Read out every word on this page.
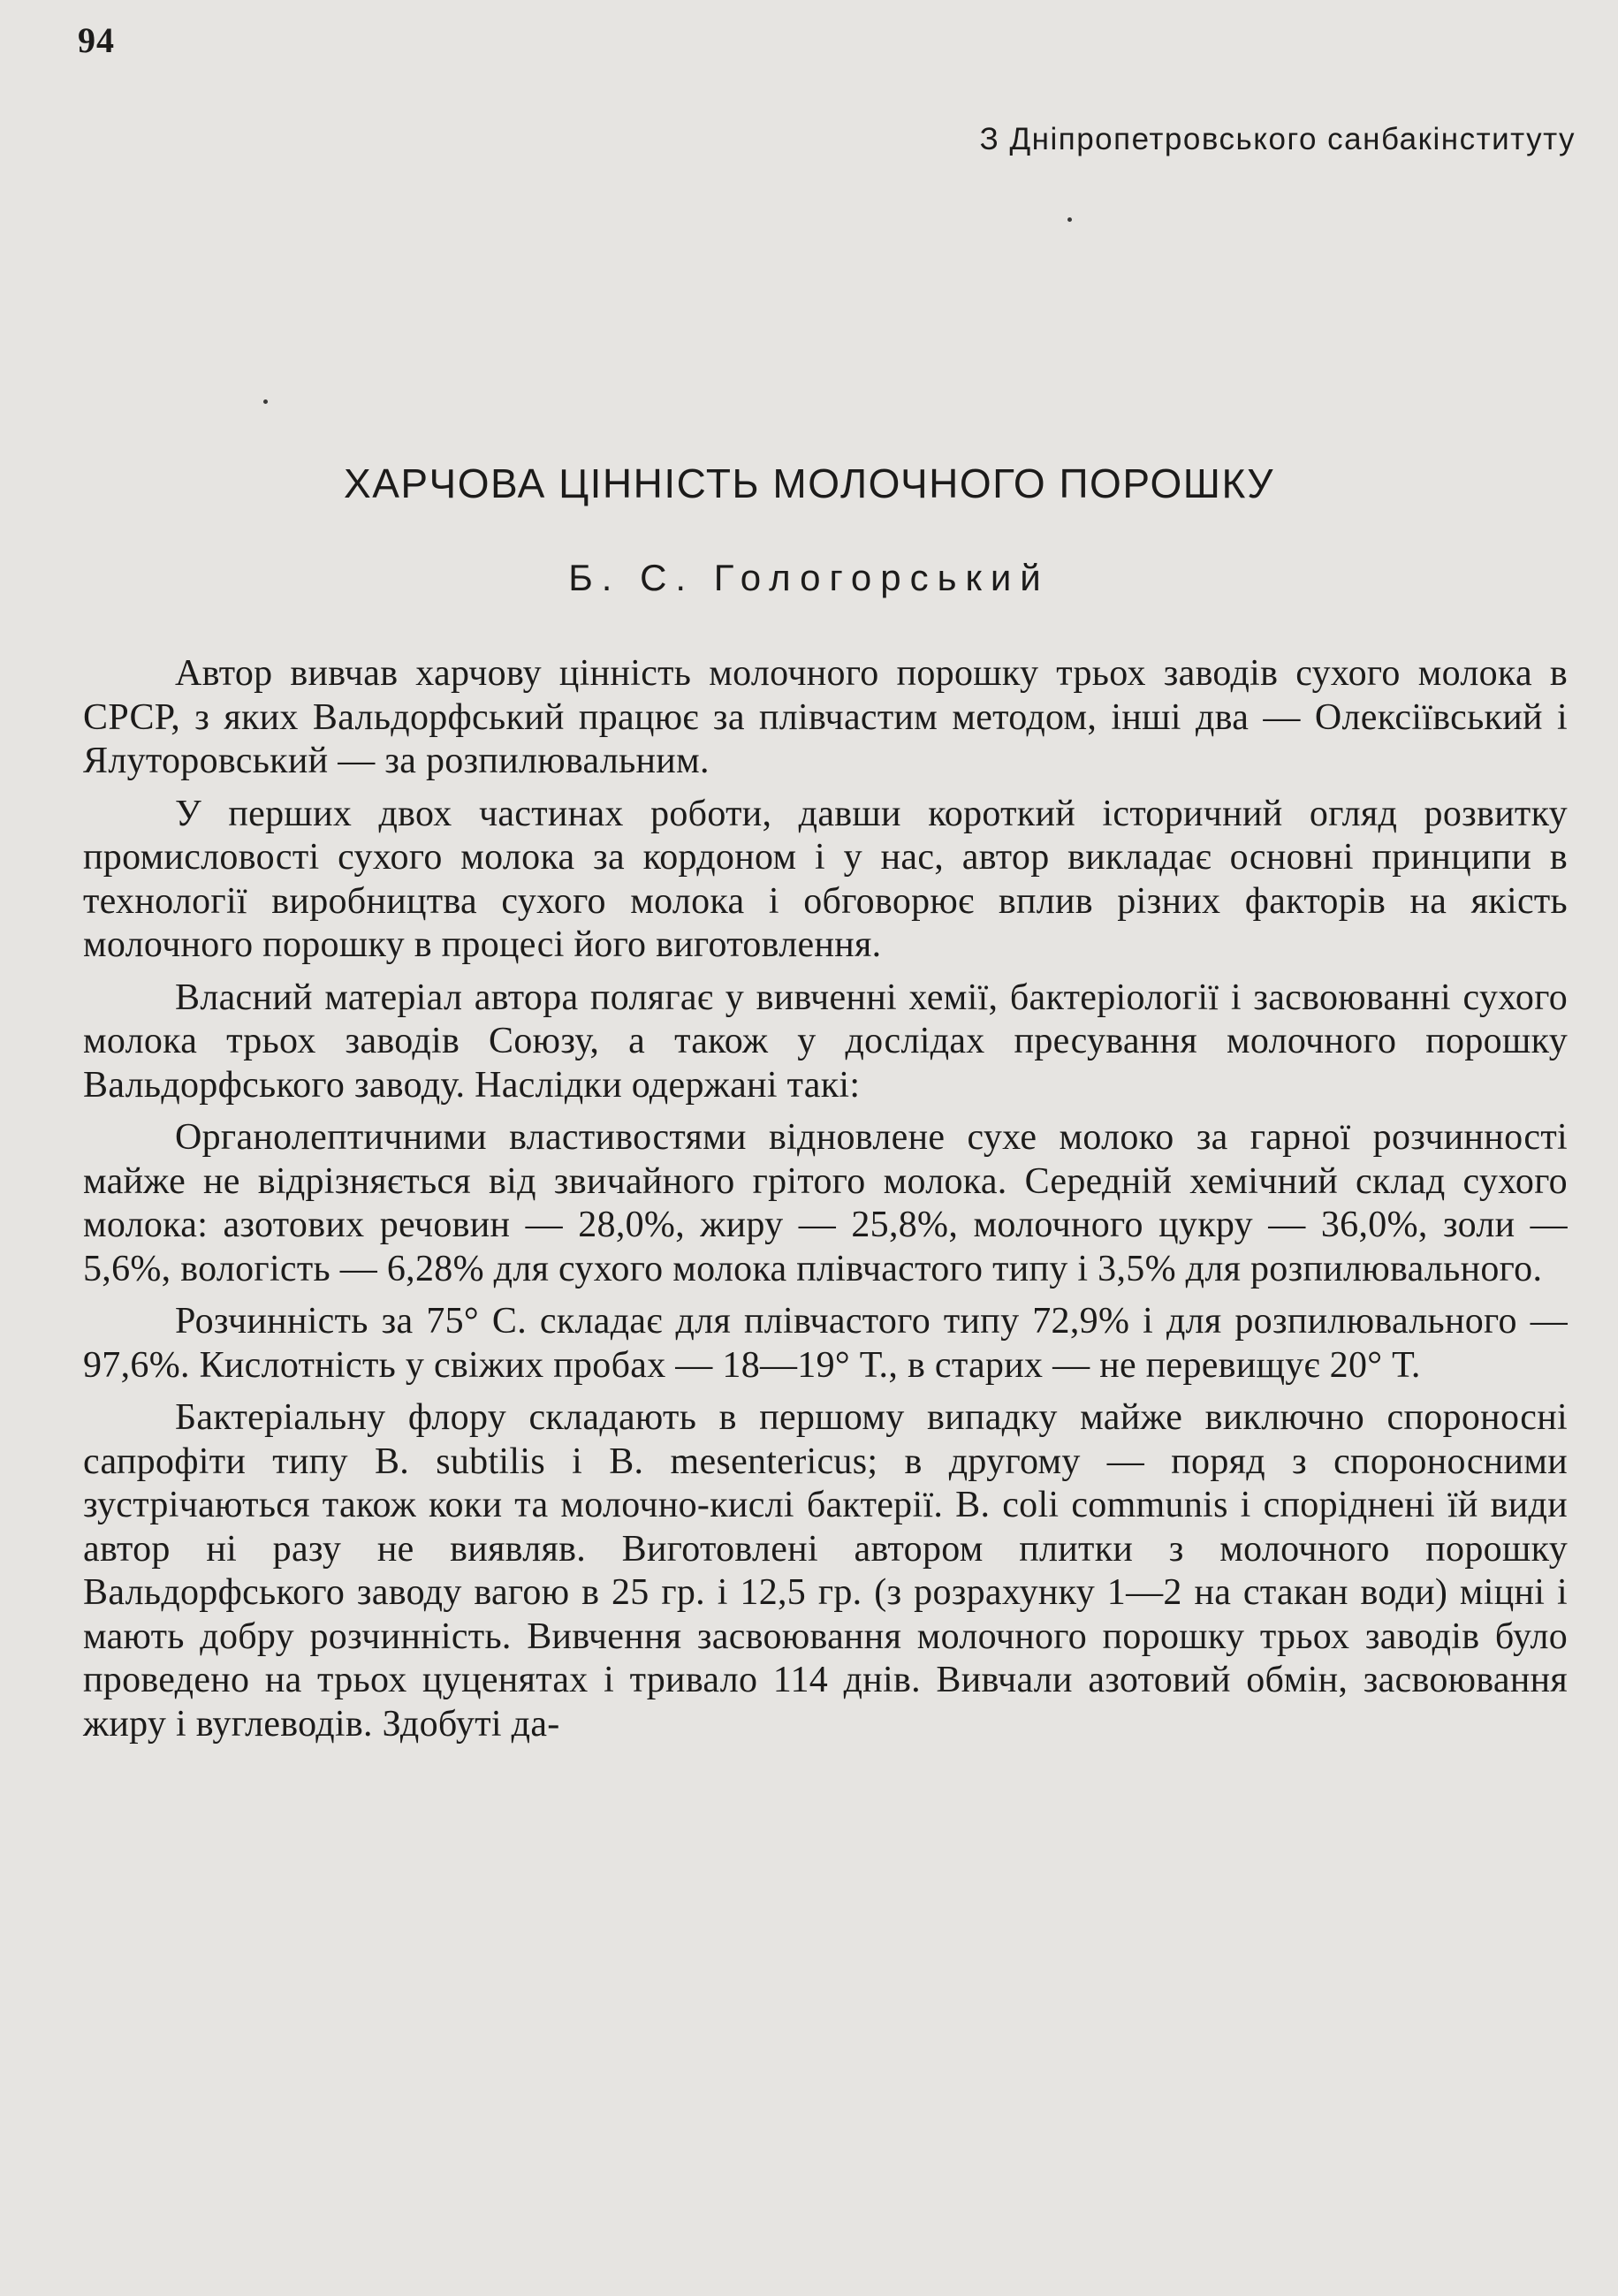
94
З Дніпропетровського санбакінституту
ХАРЧОВА ЦІННІСТЬ МОЛОЧНОГО ПОРОШКУ
Б. С. Гологорський

Автор вивчав харчову цінність молочного порошку трьох заводів сухого молока в СРСР, з яких Вальдорфський працює за плівчастим методом, інші два — Олексіївський і Ялуторовський — за розпилювальним.

У перших двох частинах роботи, давши короткий історичний огляд розвитку промисловості сухого молока за кордоном і у нас, автор викладає основні принципи в технології виробництва сухого молока і обговорює вплив різних факторів на якість молочного порошку в процесі його виготовлення.

Власний матеріал автора полягає у вивченні хемії, бактеріології і засвоюванні сухого молока трьох заводів Союзу, а також у дослідах пресування молочного порошку Вальдорфського заводу. Наслідки одержані такі:

Органолептичними властивостями відновлене сухе молоко за гарної розчинності майже не відрізняється від звичайного грітого молока. Середній хемічний склад сухого молока: азотових речовин — 28,0%, жиру — 25,8%, молочного цукру — 36,0%, золи — 5,6%, вологість — 6,28% для сухого молока плівчастого типу і 3,5% для розпилювального.

Розчинність за 75° С. складає для плівчастого типу 72,9% і для розпилювального — 97,6%. Кислотність у свіжих пробах — 18—19° Т., в старих — не перевищує 20° Т.

Бактеріальну флору складають в першому випадку майже виключно спороносні сапрофіти типу B. subtilis і B. mesentericus; в другому — поряд з спороносними зустрічаються також коки та молочно-кислі бактерії. B. coli communis і споріднені їй види автор ні разу не виявляв. Виготовлені автором плитки з молочного порошку Вальдорфського заводу вагою в 25 гр. і 12,5 гр. (з розрахунку 1—2 на стакан води) міцні і мають добру розчинність. Вивчення засвоювання молочного порошку трьох заводів було проведено на трьох цуценятах і тривало 114 днів. Вивчали азотовий обмін, засвоювання жиру і вуглеводів. Здобуті да-
